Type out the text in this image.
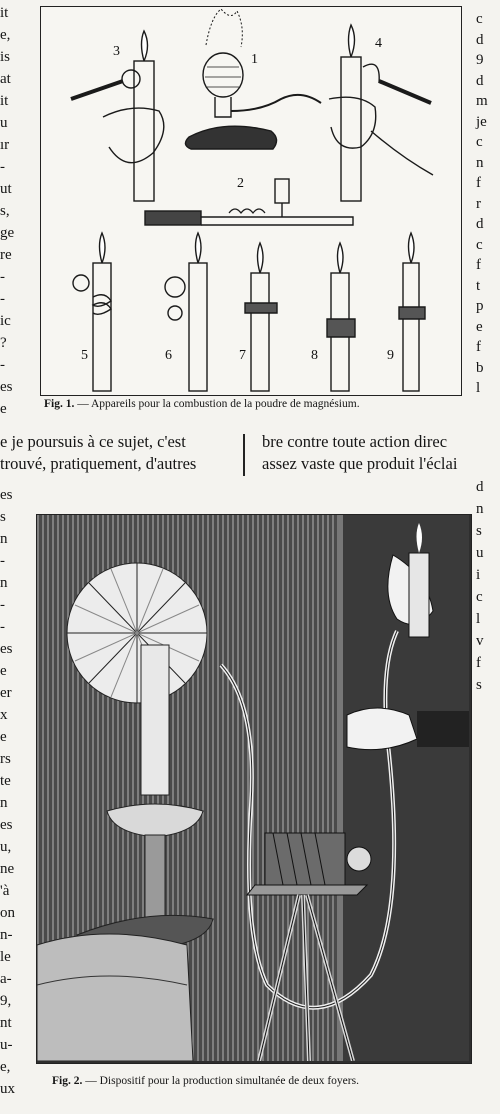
it
e,
is
at
it
u
ır
-
ut
s,
ge
re
-
-
ic
?
-
es
e
es
s
n
-
n
-
-
es
e
er
x
e
rs
te
n
es
u,
ne
'à
on
n-
le
a-
9,
nt
u-
e,
ux
c
d
9
d
m
je
c
n
f
r
d
c
f
t
p
e
f
b
l
d
n
s
u
i
c
l
v
f
s
1
2
3
4
5	6	7	8	9
Fig. 1. — Appareils pour la combustion de la poudre de magnésium.
e je poursuis à ce sujet, c'est
trouvé, pratiquement, d'autres
bre contre toute action direc
assez vaste que produit l'éclai
Fig. 2. — Dispositif pour la production simultanée de deux foyers.
